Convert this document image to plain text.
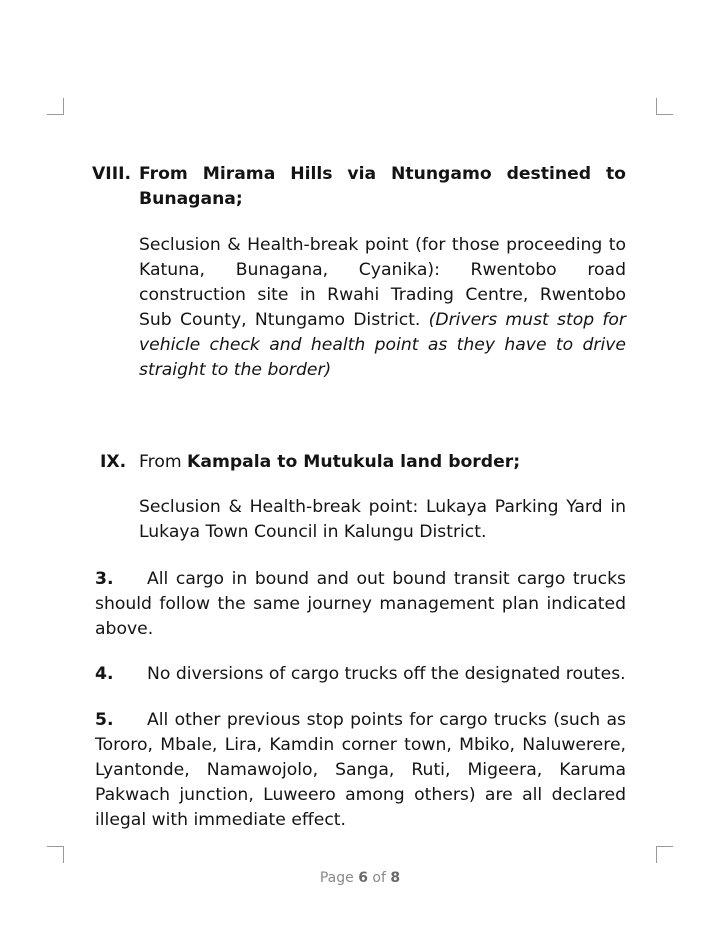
VIII. From Mirama Hills via Ntungamo destined to
Bunagana;
Seclusion & Health-break point (for those proceeding to Katuna, Bunagana, Cyanika): Rwentobo road construction site in Rwahi Trading Centre, Rwentobo Sub County, Ntungamo District. (Drivers must stop for vehicle check and health point as they have to drive straight to the border)
IX. From Kampala to Mutukula land border;
Seclusion & Health-break point: Lukaya Parking Yard in Lukaya Town Council in Kalungu District.
3. All cargo in bound and out bound transit cargo trucks should follow the same journey management plan indicated above.
4. No diversions of cargo trucks off the designated routes.
5. All other previous stop points for cargo trucks (such as Tororo, Mbale, Lira, Kamdin corner town, Mbiko, Naluwerere, Lyantonde, Namawojolo, Sanga, Ruti, Migeera, Karuma Pakwach junction, Luweero among others) are all declared illegal with immediate effect.
Page 6 of 8
